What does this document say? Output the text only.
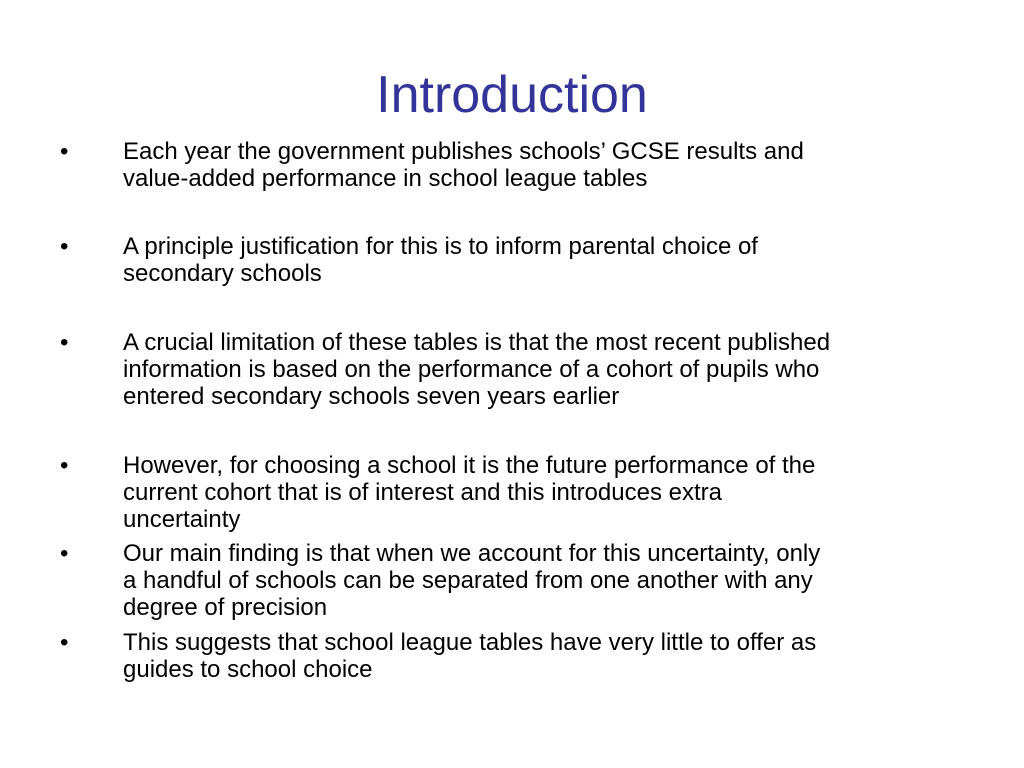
Introduction
• Each year the government publishes schools’ GCSE results and
value-added performance in school league tables
• A principle justification for this is to inform parental choice of
secondary schools
• A crucial limitation of these tables is that the most recent published
information is based on the performance of a cohort of pupils who
entered secondary schools seven years earlier
• However, for choosing a school it is the future performance of the
current cohort that is of interest and this introduces extra
uncertainty
• Our main finding is that when we account for this uncertainty, only
a handful of schools can be separated from one another with any
degree of precision
• This suggests that school league tables have very little to offer as
guides to school choice
